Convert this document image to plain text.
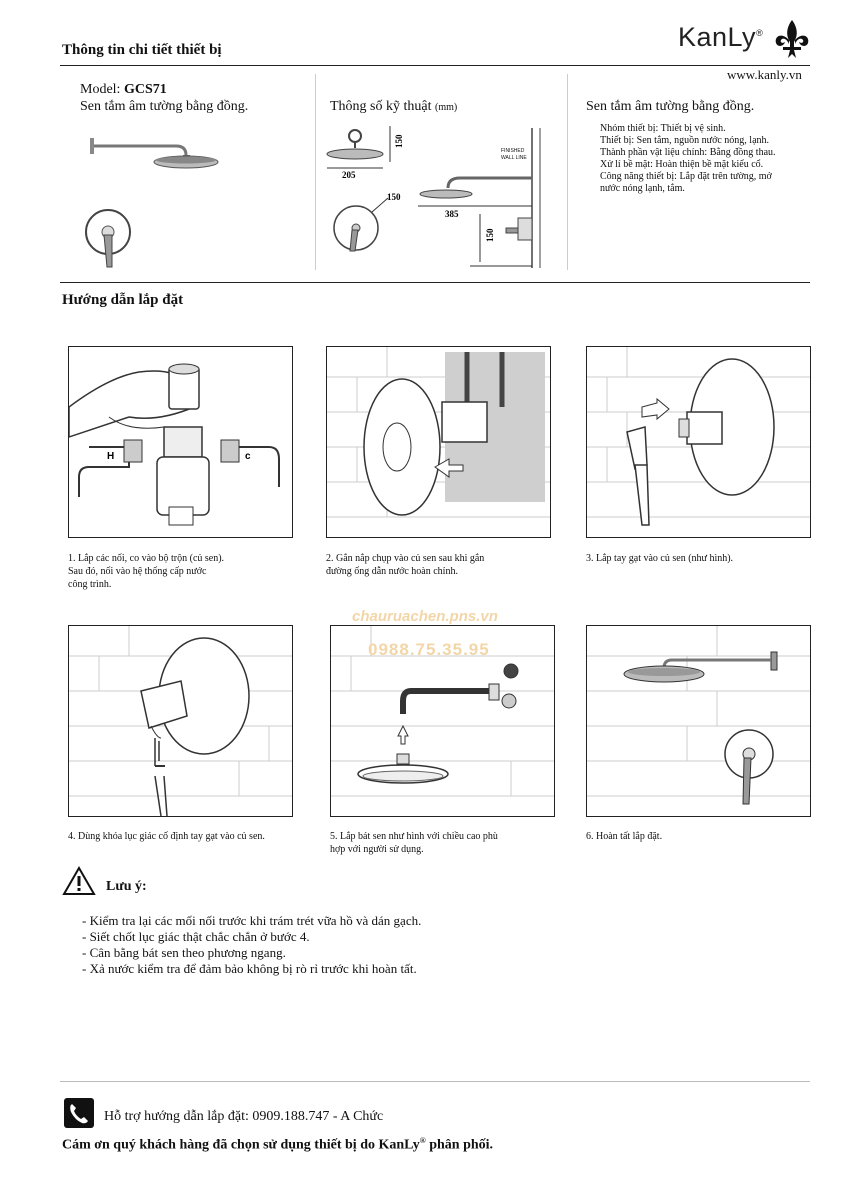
Thông tin chi tiết thiết bị	KanLy®
www.kanly.vn
Model: GCS71
Sen tắm âm tường bằng đồng.	Thông số kỹ thuật (mm)
150
205
150
385
150
FINISHED
WALL LINE
Sen tắm âm tường bằng đồng.
Nhóm thiết bị: Thiết bị vệ sinh.
Thiết bị: Sen tắm, nguồn nước nóng, lạnh.
Thành phần vật liệu chính: Bằng đồng thau.
Xử lí bề mặt: Hoàn thiện bề mặt kiểu cổ.
Công năng thiết bị: Lắp đặt trên tường, mở
nước nóng lạnh, tắm.
Hướng dẫn lắp đặt
H	c
1. Lắp các nối, co vào bộ trộn (củ sen).
Sau đó, nối vào hệ thống cấp nước
công trình.
2. Gắn nắp chụp vào củ sen sau khi gắn
đường ống dẫn nước hoàn chỉnh.
3. Lắp tay gạt vào củ sen (như hình).
4. Dùng khóa lục giác cố định tay gạt vào củ sen.	5. Lắp bát sen như hình với chiều cao phù
hợp với người sử dụng.
6. Hoàn tất lắp đặt.
chauruachen.pns.vn
0988.75.35.95
Lưu ý:
- Kiểm tra lại các mối nối trước khi trám trét vữa hồ và dán gạch.
- Siết chốt lục giác thật chắc chắn ở bước 4.
- Cân bằng bát sen theo phương ngang.
- Xả nước kiểm tra để đảm bảo không bị rò rỉ trước khi hoàn tất.
Hỗ trợ hướng dẫn lắp đặt: 0909.188.747 - A Chức
Cám ơn quý khách hàng đã chọn sử dụng thiết bị do KanLy® phân phối.
